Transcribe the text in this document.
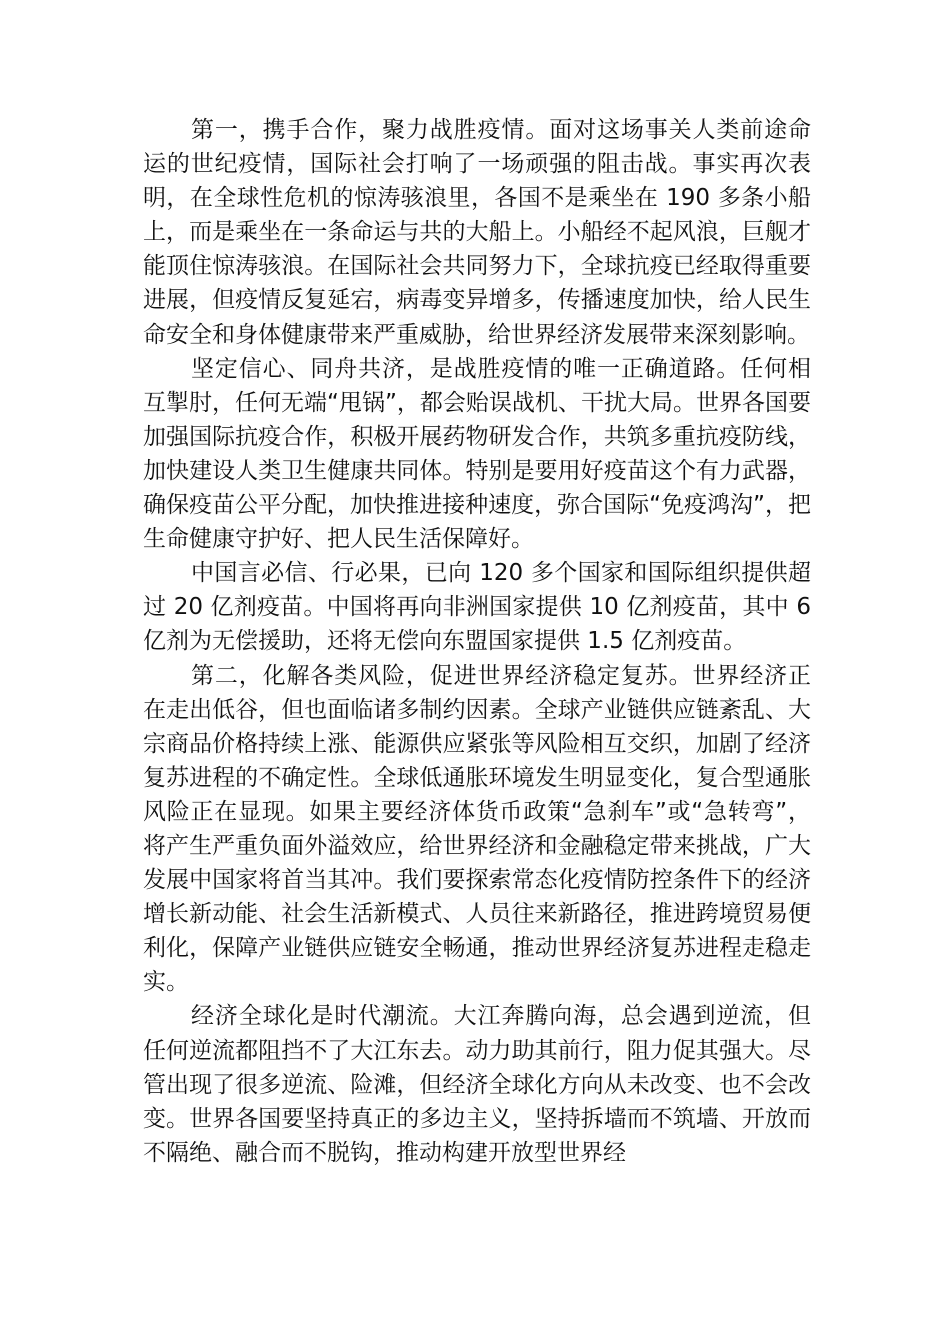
第一，携手合作，聚力战胜疫情。面对这场事关人类前途命运的世纪疫情，国际社会打响了一场顽强的阻击战。事实再次表明，在全球性危机的惊涛骇浪里，各国不是乘坐在 190 多条小船上，而是乘坐在一条命运与共的大船上。小船经不起风浪，巨舰才能顶住惊涛骇浪。在国际社会共同努力下，全球抗疫已经取得重要进展，但疫情反复延宕，病毒变异增多，传播速度加快，给人民生命安全和身体健康带来严重威胁，给世界经济发展带来深刻影响。

坚定信心、同舟共济，是战胜疫情的唯一正确道路。任何相互掣肘，任何无端“甩锅”，都会贻误战机、干扰大局。世界各国要加强国际抗疫合作，积极开展药物研发合作，共筑多重抗疫防线，加快建设人类卫生健康共同体。特别是要用好疫苗这个有力武器，确保疫苗公平分配，加快推进接种速度，弥合国际“免疫鸿沟”，把生命健康守护好、把人民生活保障好。

中国言必信、行必果，已向 120 多个国家和国际组织提供超过 20 亿剂疫苗。中国将再向非洲国家提供 10 亿剂疫苗，其中 6 亿剂为无偿援助，还将无偿向东盟国家提供 1.5 亿剂疫苗。

第二，化解各类风险，促进世界经济稳定复苏。世界经济正在走出低谷，但也面临诸多制约因素。全球产业链供应链紊乱、大宗商品价格持续上涨、能源供应紧张等风险相互交织，加剧了经济复苏进程的不确定性。全球低通胀环境发生明显变化，复合型通胀风险正在显现。如果主要经济体货币政策“急刹车”或“急转弯”，将产生严重负面外溢效应，给世界经济和金融稳定带来挑战，广大发展中国家将首当其冲。我们要探索常态化疫情防控条件下的经济增长新动能、社会生活新模式、人员往来新路径，推进跨境贸易便利化，保障产业链供应链安全畅通，推动世界经济复苏进程走稳走实。

经济全球化是时代潮流。大江奔腾向海，总会遇到逆流，但任何逆流都阻挡不了大江东去。动力助其前行，阻力促其强大。尽管出现了很多逆流、险滩，但经济全球化方向从未改变、也不会改变。世界各国要坚持真正的多边主义，坚持拆墙而不筑墙、开放而不隔绝、融合而不脱钩，推动构建开放型世界经
